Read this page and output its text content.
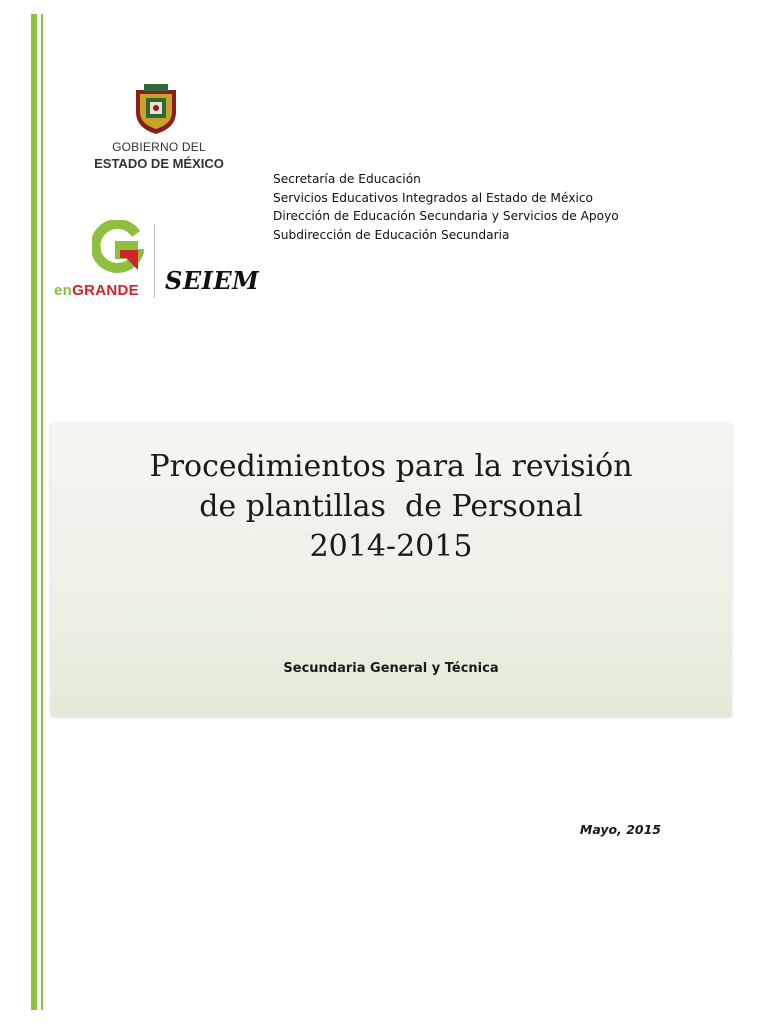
GOBIERNO DEL
ESTADO DE MÉXICO
Secretaría de Educación
Servicios Educativos Integrados al Estado de México
Dirección de Educación Secundaria y Servicios de Apoyo
Subdirección de Educación Secundaria
enGRANDE SEIEM
Procedimientos para la revisión
de plantillas  de Personal
2014-2015
Secundaria General y Técnica
Mayo, 2015
